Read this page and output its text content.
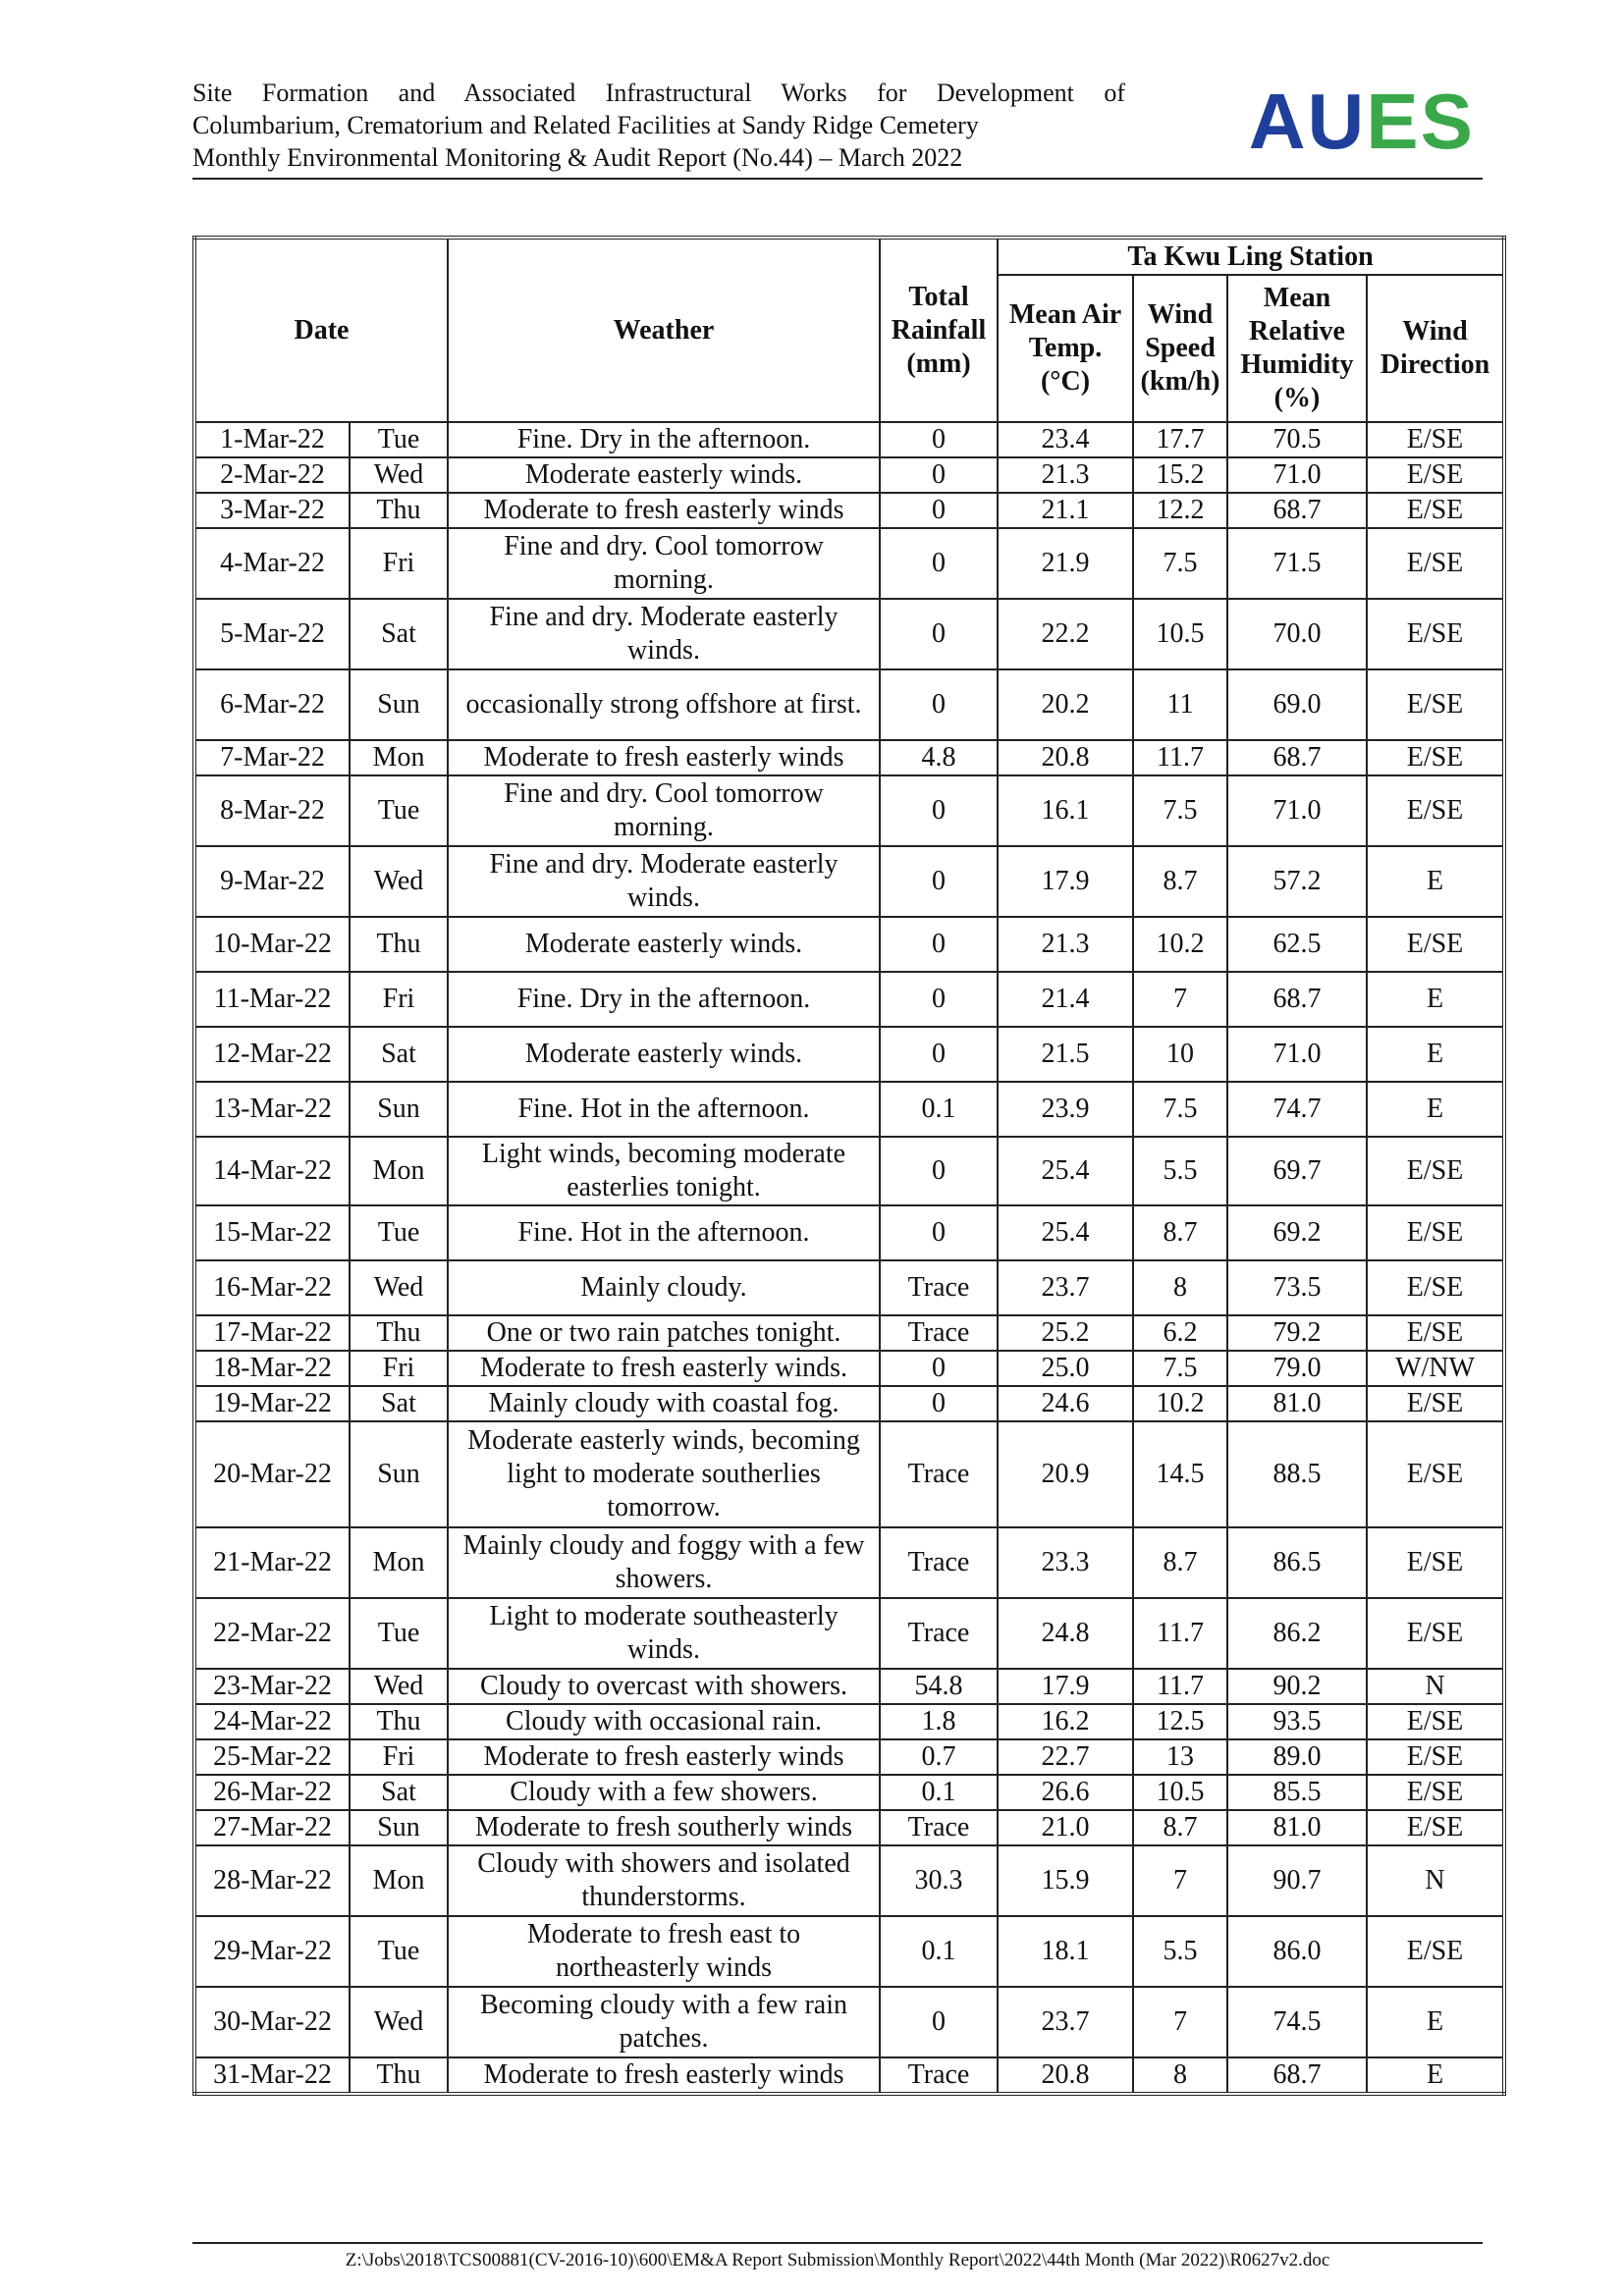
Site Formation and Associated Infrastructural Works for Development of
Columbarium, Crematorium and Related Facilities at Sandy Ridge Cemetery
Monthly Environmental Monitoring & Audit Report (No.44) – March 2022	AUES
Date		Weather	Total Rainfall (mm)	Ta Kwu Ling Station			
				Mean Air Temp. (°C)	Wind Speed (km/h)	Mean Relative Humidity (%)	Wind Direction
1-Mar-22	Tue	Fine. Dry in the afternoon.	0	23.4	17.7	70.5	E/SE
2-Mar-22	Wed	Moderate easterly winds.	0	21.3	15.2	71.0	E/SE
3-Mar-22	Thu	Moderate to fresh easterly winds	0	21.1	12.2	68.7	E/SE
4-Mar-22	Fri	Fine and dry. Cool tomorrow morning.	0	21.9	7.5	71.5	E/SE
5-Mar-22	Sat	Fine and dry. Moderate easterly winds.	0	22.2	10.5	70.0	E/SE
6-Mar-22	Sun	occasionally strong offshore at first.	0	20.2	11	69.0	E/SE
7-Mar-22	Mon	Moderate to fresh easterly winds	4.8	20.8	11.7	68.7	E/SE
8-Mar-22	Tue	Fine and dry. Cool tomorrow morning.	0	16.1	7.5	71.0	E/SE
9-Mar-22	Wed	Fine and dry. Moderate easterly winds.	0	17.9	8.7	57.2	E
10-Mar-22	Thu	Moderate easterly winds.	0	21.3	10.2	62.5	E/SE
11-Mar-22	Fri	Fine. Dry in the afternoon.	0	21.4	7	68.7	E
12-Mar-22	Sat	Moderate easterly winds.	0	21.5	10	71.0	E
13-Mar-22	Sun	Fine. Hot in the afternoon.	0.1	23.9	7.5	74.7	E
14-Mar-22	Mon	Light winds, becoming moderate easterlies tonight.	0	25.4	5.5	69.7	E/SE
15-Mar-22	Tue	Fine. Hot in the afternoon.	0	25.4	8.7	69.2	E/SE
16-Mar-22	Wed	Mainly cloudy.	Trace	23.7	8	73.5	E/SE
17-Mar-22	Thu	One or two rain patches tonight.	Trace	25.2	6.2	79.2	E/SE
18-Mar-22	Fri	Moderate to fresh easterly winds.	0	25.0	7.5	79.0	W/NW
19-Mar-22	Sat	Mainly cloudy with coastal fog.	0	24.6	10.2	81.0	E/SE
20-Mar-22	Sun	Moderate easterly winds, becoming light to moderate southerlies tomorrow.	Trace	20.9	14.5	88.5	E/SE
21-Mar-22	Mon	Mainly cloudy and foggy with a few showers.	Trace	23.3	8.7	86.5	E/SE
22-Mar-22	Tue	Light to moderate southeasterly winds.	Trace	24.8	11.7	86.2	E/SE
23-Mar-22	Wed	Cloudy to overcast with showers.	54.8	17.9	11.7	90.2	N
24-Mar-22	Thu	Cloudy with occasional rain.	1.8	16.2	12.5	93.5	E/SE
25-Mar-22	Fri	Moderate to fresh easterly winds	0.7	22.7	13	89.0	E/SE
26-Mar-22	Sat	Cloudy with a few showers.	0.1	26.6	10.5	85.5	E/SE
27-Mar-22	Sun	Moderate to fresh southerly winds	Trace	21.0	8.7	81.0	E/SE
28-Mar-22	Mon	Cloudy with showers and isolated thunderstorms.	30.3	15.9	7	90.7	N
29-Mar-22	Tue	Moderate to fresh east to northeasterly winds	0.1	18.1	5.5	86.0	E/SE
30-Mar-22	Wed	Becoming cloudy with a few rain patches.	0	23.7	7	74.5	E
31-Mar-22	Thu	Moderate to fresh easterly winds	Trace	20.8	8	68.7	E
Z:\Jobs\2018\TCS00881(CV-2016-10)\600\EM&A Report Submission\Monthly Report\2022\44th Month (Mar 2022)\R0627v2.doc
